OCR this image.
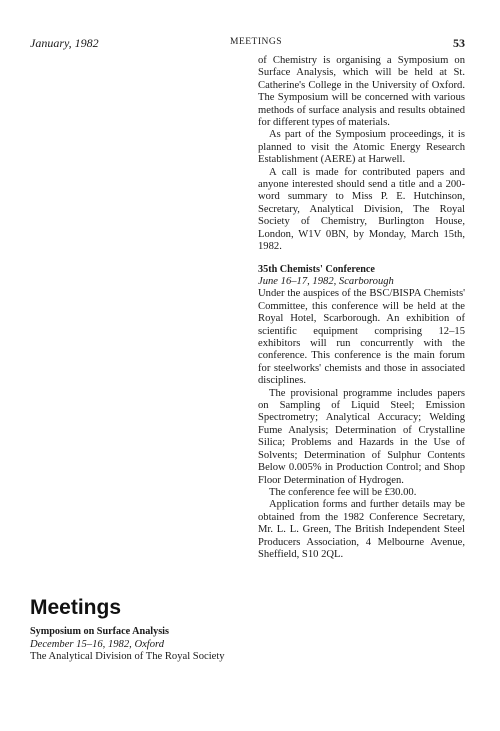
January, 1982	MEETINGS	53

of Chemistry is organising a Symposium on Surface Analysis, which will be held at St. Catherine's College in the University of Oxford. The Symposium will be concerned with various methods of surface analysis and results obtained for different types of materials.

As part of the Symposium proceedings, it is planned to visit the Atomic Energy Research Establishment (AERE) at Harwell.

A call is made for contributed papers and anyone interested should send a title and a 200-word summary to Miss P. E. Hutchinson, Secretary, Analytical Division, The Royal Society of Chemistry, Burlington House, London, W1V 0BN, by Monday, March 15th, 1982.

35th Chemists' Conference
June 16–17, 1982, Scarborough

Under the auspices of the BSC/BISPA Chemists' Committee, this conference will be held at the Royal Hotel, Scarborough. An exhibition of scientific equipment comprising 12–15 exhibitors will run concurrently with the conference. This conference is the main forum for steelworks' chemists and those in associated disciplines.

The provisional programme includes papers on Sampling of Liquid Steel; Emission Spectrometry; Analytical Accuracy; Welding Fume Analysis; Determination of Crystalline Silica; Problems and Hazards in the Use of Solvents; Determination of Sulphur Contents Below 0.005% in Production Control; and Shop Floor Determination of Hydrogen.

The conference fee will be £30.00.

Application forms and further details may be obtained from the 1982 Conference Secretary, Mr. L. L. Green, The British Independent Steel Producers Association, 4 Melbourne Avenue, Sheffield, S10 2QL.

Meetings
Symposium on Surface Analysis
December 15–16, 1982, Oxford
The Analytical Division of The Royal Society
